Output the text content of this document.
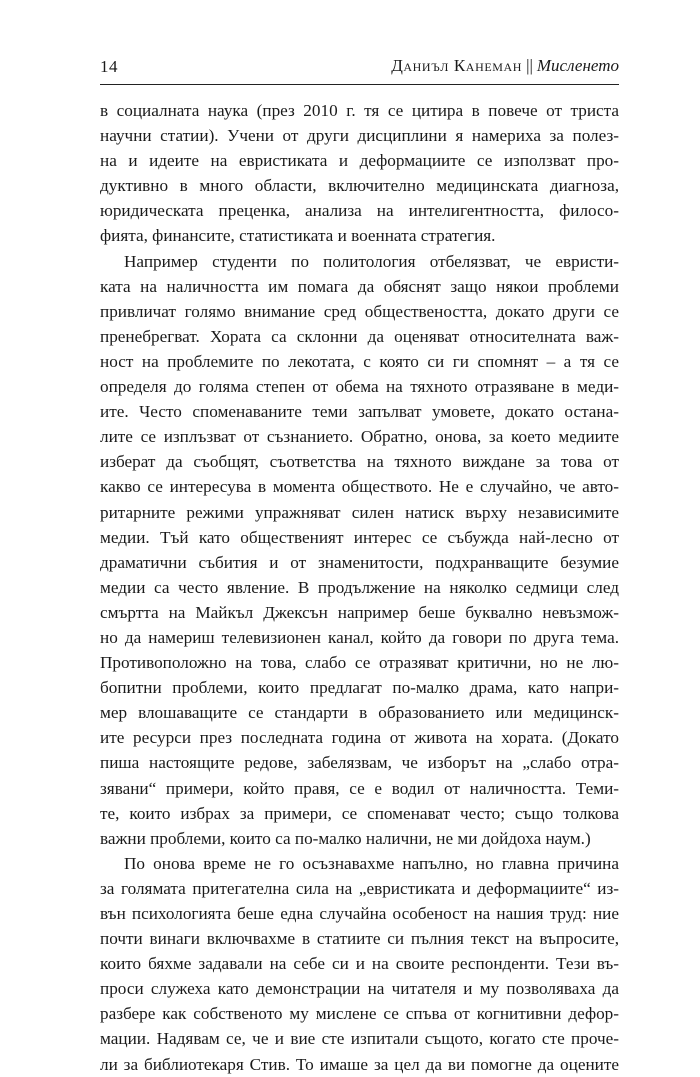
14	Даниъл Канеман || Мисленето
в социалната наука (през 2010 г. тя се цитира в повече от триста
научни статии). Учени от други дисциплини я намериха за полез-
на и идеите на евристиката и деформациите се използват про-
дуктивно в много области, включително медицинската диагноза,
юридическата преценка, анализа на интелигентността, филосо-
фията, финансите, статистиката и военната стратегия.
Например студенти по политология отбелязват, че евристи-
ката на наличността им помага да обяснят защо някои проблеми
привличат голямо внимание сред обществеността, докато други се
пренебрегват. Хората са склонни да оценяват относителната важ-
ност на проблемите по лекотата, с която си ги спомнят – а тя се
определя до голяма степен от обема на тяхното отразяване в меди-
ите. Често споменаваните теми запълват умовете, докато останa-
лите се изплъзват от съзнанието. Обратно, онова, за което медиите
изберат да съобщят, съответства на тяхното виждане за това от
какво се интересува в момента обществото. Не е случайно, че авто-
ритарните режими упражняват силен натиск върху независимите
медии. Тъй като общественият интерес се събужда най-лесно от
драматични събития и от знаменитости, подхранващите безумие
медии са често явление. В продължение на няколко седмици след
смъртта на Майкъл Джексън например беше буквално невъзмож-
но да намериш телевизионен канал, който да говори по друга тема.
Противоположно на това, слабо се отразяват критични, но не лю-
бопитни проблеми, които предлагат по-малко драма, като напри-
мер влошаващите се стандарти в образованието или медицинск-
ите ресурси през последната година от живота на хората. (Докато
пиша настоящите редове, забелязвам, че изборът на „слабо отра-
зявани“ примери, който правя, се е водил от наличността. Теми-
те, които избрах за примери, се споменават често; също толкова
важни проблеми, които са по-малко налични, не ми дойдоха наум.)
По онова време не го осъзнавахме напълно, но главна причина
за голямата притегателна сила на „евристиката и деформациите“ из-
вън психологията беше една случайна особеност на нашия труд: ние
почти винаги включвахме в статиите си пълния текст на въпросите,
които бяхме задавали на себе си и на своите респонденти. Тези въ-
проси служеха като демонстрации на читателя и му позволяваха да
разбере как собственото му мислене се спъва от когнитивни дефор-
мации. Надявам се, че и вие сте изпитали същото, когато сте проче-
ли за библиотекаря Стив. То имаше за цел да ви помогне да оцените
